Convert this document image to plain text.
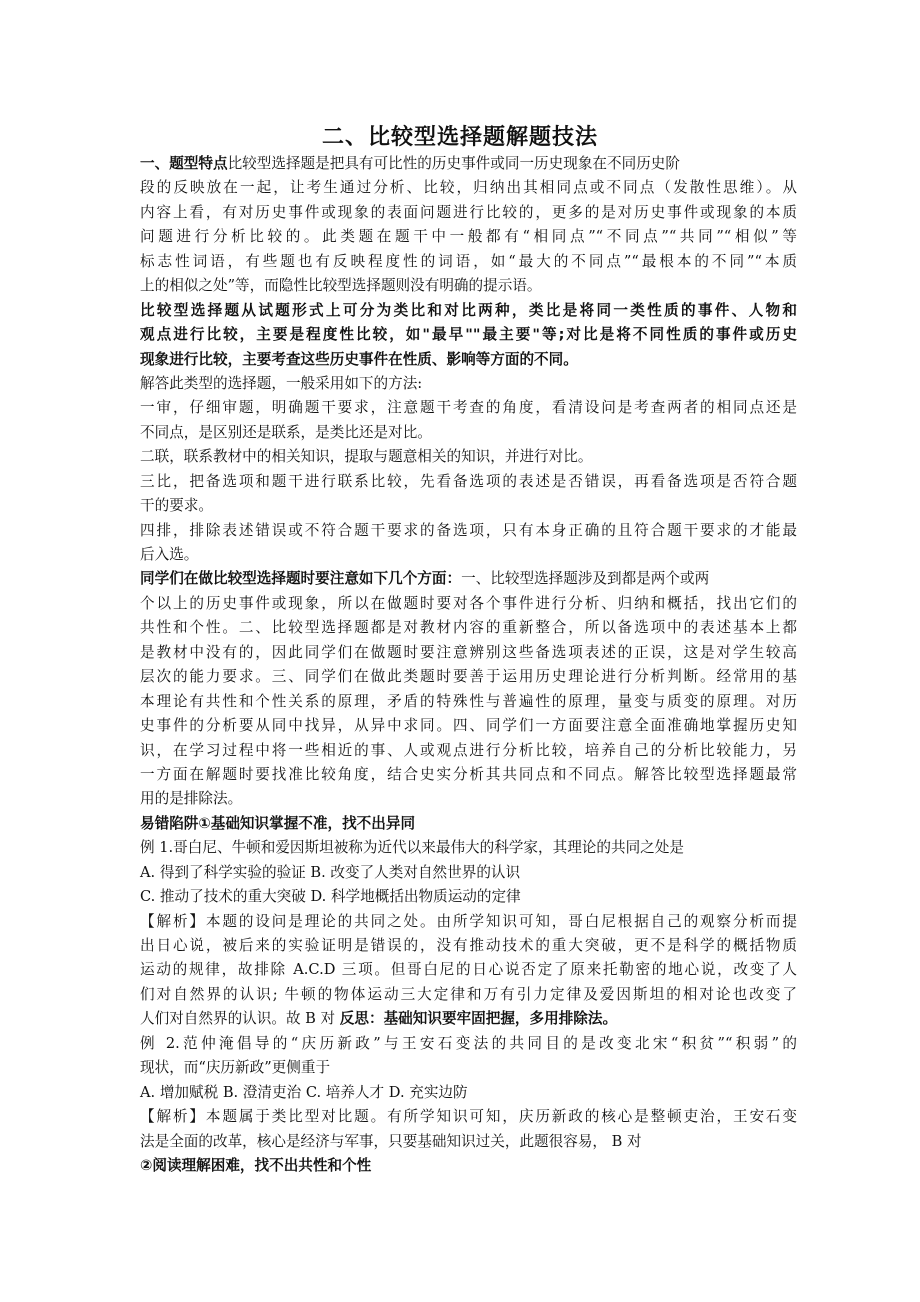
二、比较型选择题解题技法
一、题型特点比较型选择题是把具有可比性的历史事件或同一历史现象在不同历史阶
段的反映放在一起，让考生通过分析、比较，归纳出其相同点或不同点（发散性思维）。从
内容上看，有对历史事件或现象的表面问题进行比较的，更多的是对历史事件或现象的本质
问题进行分析比较的。此类题在题干中一般都有“相同点”“不同点”“共同”“相似”等
标志性词语，有些题也有反映程度性的词语，如“最大的不同点”“最根本的不同”“本质
上的相似之处”等，而隐性比较型选择题则没有明确的提示语。
比较型选择题从试题形式上可分为类比和对比两种，类比是将同一类性质的事件、人物和
观点进行比较，主要是程度性比较，如"最早""最主要"等;对比是将不同性质的事件或历史
现象进行比较，主要考查这些历史事件在性质、影响等方面的不同。
解答此类型的选择题，一般采用如下的方法:
一审，仔细审题，明确题干要求，注意题干考查的角度，看清设问是考查两者的相同点还是
不同点，是区别还是联系，是类比还是对比。
二联，联系教材中的相关知识，提取与题意相关的知识，并进行对比。
三比，把备选项和题干进行联系比较，先看备选项的表述是否错误，再看备选项是否符合题
干的要求。
四排，排除表述错误或不符合题干要求的备选项，只有本身正确的且符合题干要求的才能最
后入选。
同学们在做比较型选择题时要注意如下几个方面：一、比较型选择题涉及到都是两个或两
个以上的历史事件或现象，所以在做题时要对各个事件进行分析、归纳和概括，找出它们的
共性和个性。二、比较型选择题都是对教材内容的重新整合，所以备选项中的表述基本上都
是教材中没有的，因此同学们在做题时要注意辨别这些备选项表述的正误，这是对学生较高
层次的能力要求。三、同学们在做此类题时要善于运用历史理论进行分析判断。经常用的基
本理论有共性和个性关系的原理，矛盾的特殊性与普遍性的原理，量变与质变的原理。对历
史事件的分析要从同中找异，从异中求同。四、同学们一方面要注意全面准确地掌握历史知
识，在学习过程中将一些相近的事、人或观点进行分析比较，培养自己的分析比较能力，另
一方面在解题时要找准比较角度，结合史实分析其共同点和不同点。解答比较型选择题最常
用的是排除法。
易错陷阱①基础知识掌握不准，找不出异同
例 1.哥白尼、牛顿和爱因斯坦被称为近代以来最伟大的科学家，其理论的共同之处是
A. 得到了科学实验的验证 B. 改变了人类对自然世界的认识
C. 推动了技术的重大突破 D. 科学地概括出物质运动的定律
【解析】本题的设问是理论的共同之处。由所学知识可知，哥白尼根据自己的观察分析而提
出日心说，被后来的实验证明是错误的，没有推动技术的重大突破，更不是科学的概括物质
运动的规律，故排除 A.C.D 三项。但哥白尼的日心说否定了原来托勒密的地心说，改变了人
们对自然界的认识; 牛顿的物体运动三大定律和万有引力定律及爱因斯坦的相对论也改变了
人们对自然界的认识。故 B 对 反思：基础知识要牢固把握，多用排除法。
例 2.范仲淹倡导的“庆历新政”与王安石变法的共同目的是改变北宋“积贫”“积弱”的
现状，而“庆历新政”更侧重于
A. 增加赋税 B. 澄清吏治 C. 培养人才 D. 充实边防
【解析】本题属于类比型对比题。有所学知识可知，庆历新政的核心是整顿吏治，王安石变
法是全面的改革，核心是经济与军事，只要基础知识过关，此题很容易， B 对
②阅读理解困难，找不出共性和个性
